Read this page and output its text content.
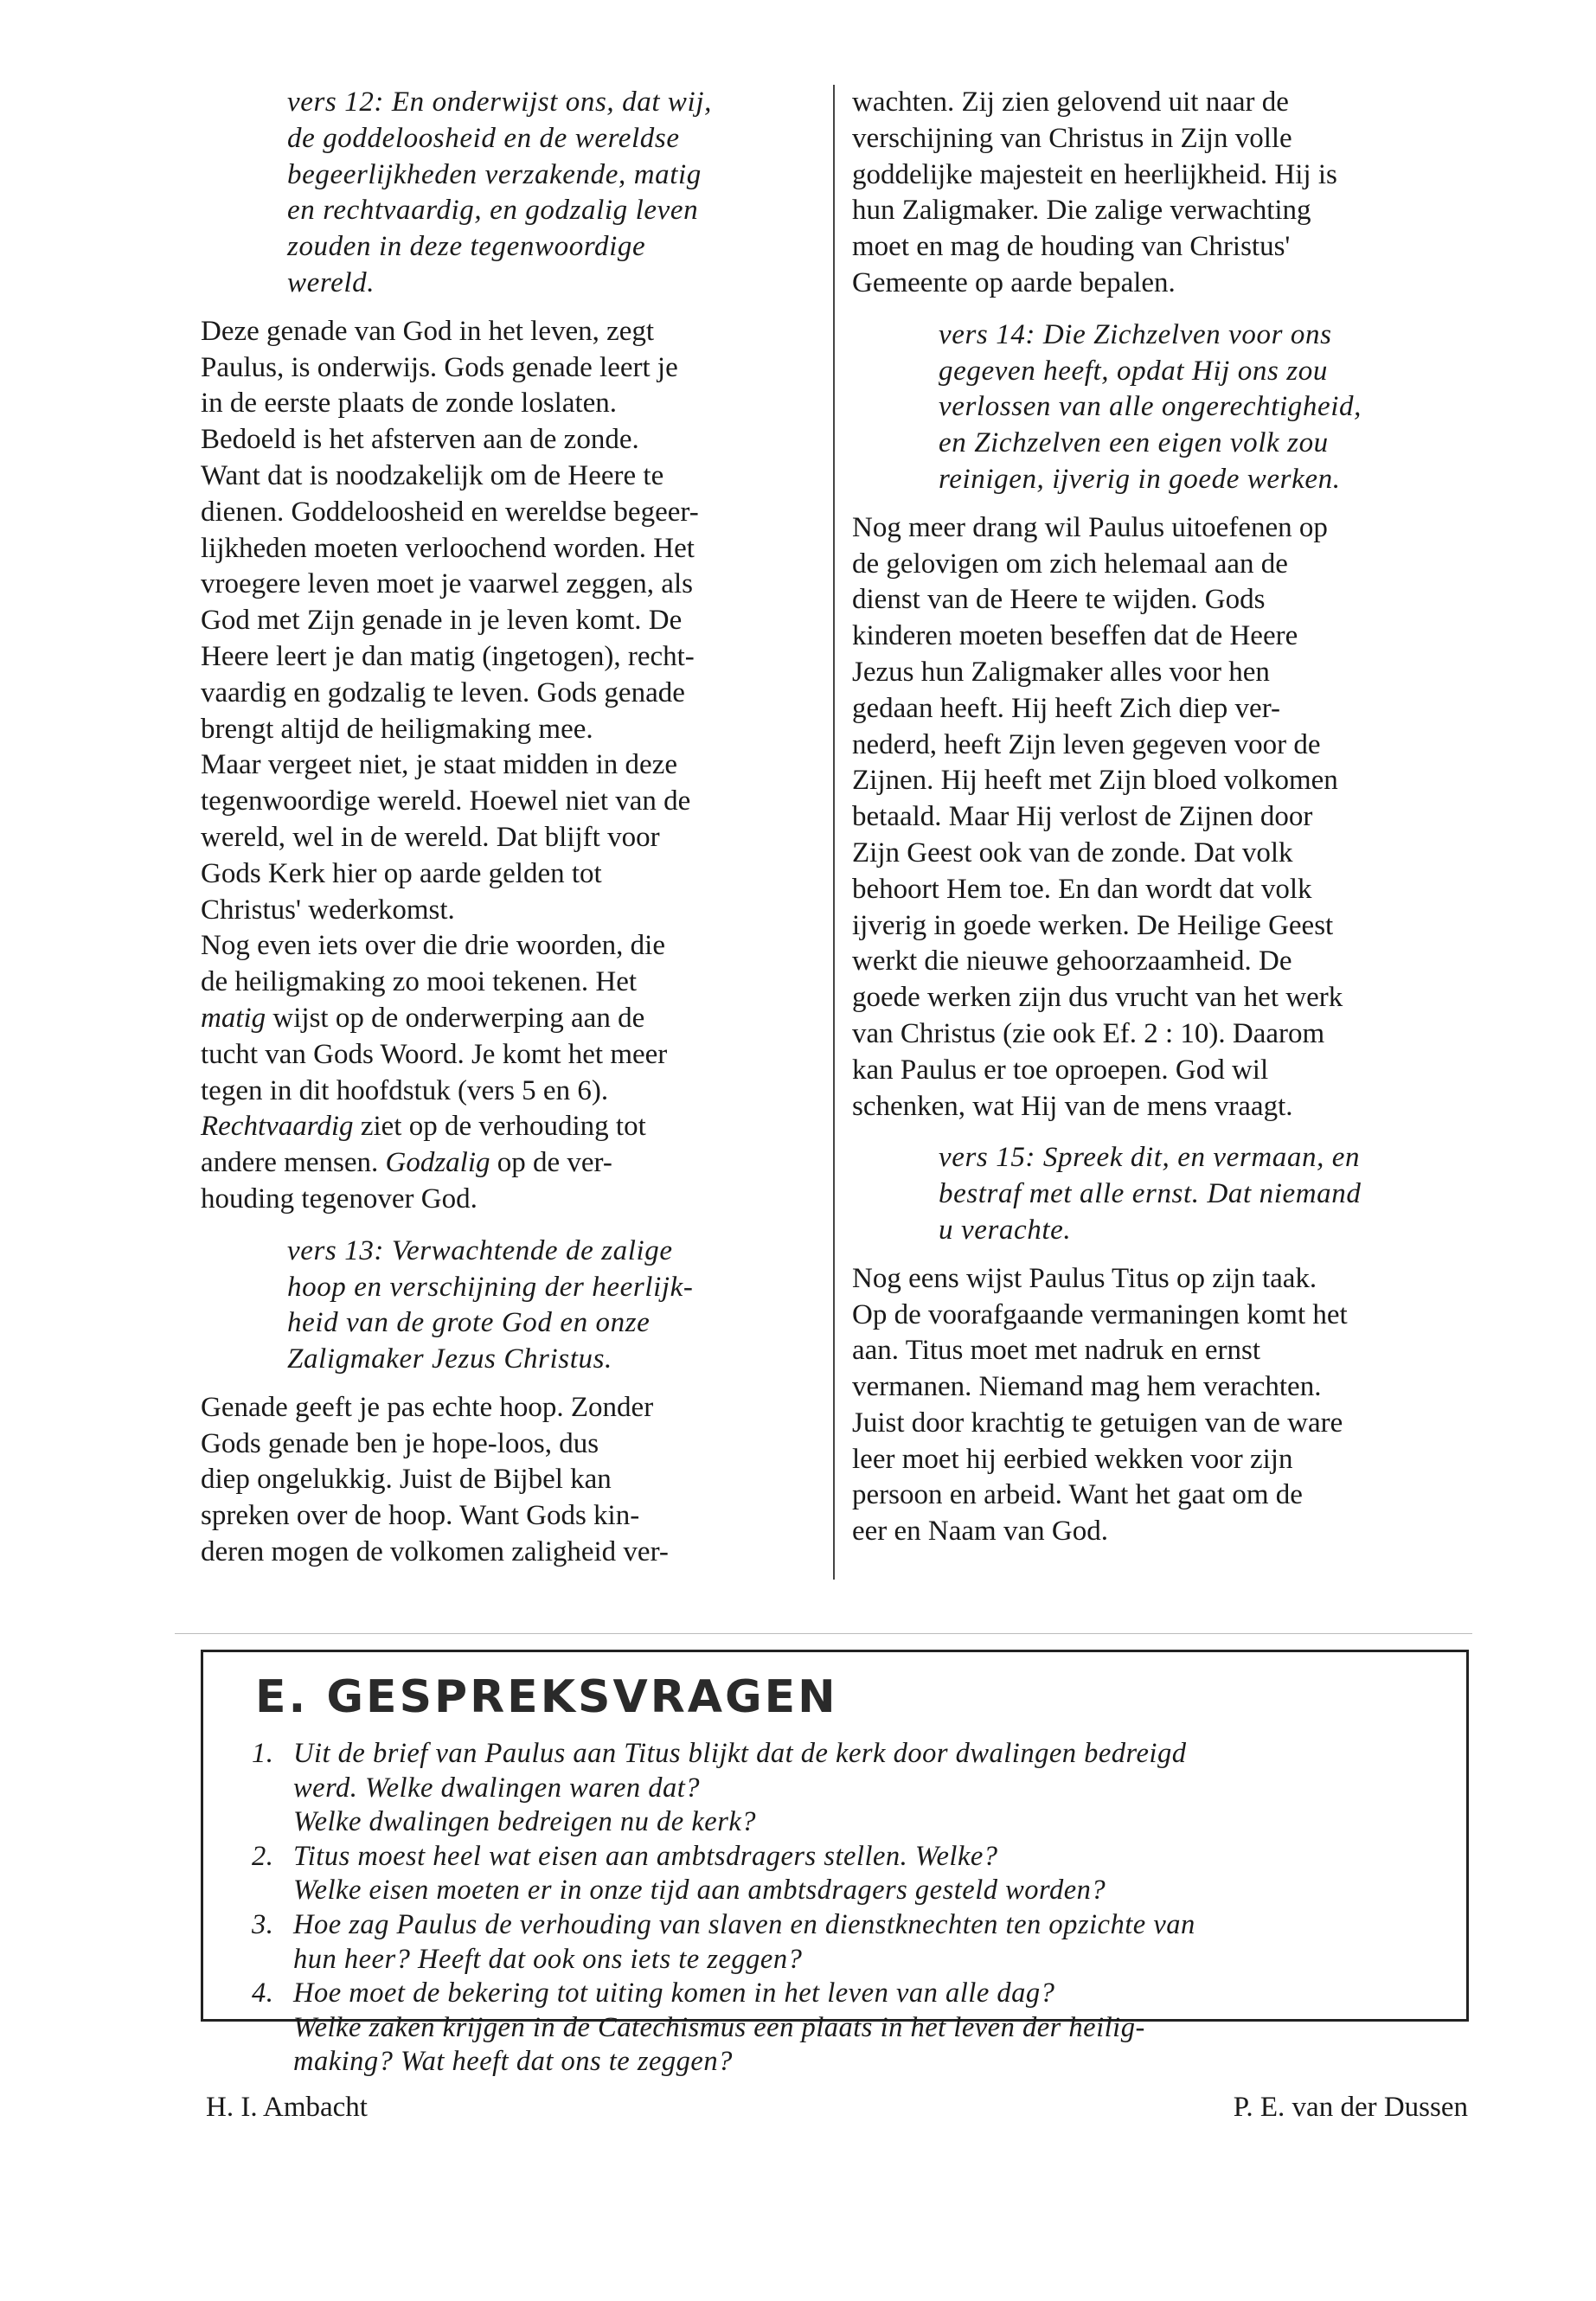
vers 12: En onderwijst ons, dat wij,
de goddeloosheid en de wereldse
begeerlijkheden verzakende, matig
en rechtvaardig, en godzalig leven
zouden in deze tegenwoordige
wereld.
Deze genade van God in het leven, zegt
Paulus, is onderwijs. Gods genade leert je
in de eerste plaats de zonde loslaten.
Bedoeld is het afsterven aan de zonde.
Want dat is noodzakelijk om de Heere te
dienen. Goddeloosheid en wereldse begeer-
lijkheden moeten verloochend worden. Het
vroegere leven moet je vaarwel zeggen, als
God met Zijn genade in je leven komt. De
Heere leert je dan matig (ingetogen), recht-
vaardig en godzalig te leven. Gods genade
brengt altijd de heiligmaking mee.
Maar vergeet niet, je staat midden in deze
tegenwoordige wereld. Hoewel niet van de
wereld, wel in de wereld. Dat blijft voor
Gods Kerk hier op aarde gelden tot
Christus' wederkomst.
Nog even iets over die drie woorden, die
de heiligmaking zo mooi tekenen. Het
matig wijst op de onderwerping aan de
tucht van Gods Woord. Je komt het meer
tegen in dit hoofdstuk (vers 5 en 6).
Rechtvaardig ziet op de verhouding tot
andere mensen. Godzalig op de ver-
houding tegenover God.
vers 13: Verwachtende de zalige
hoop en verschijning der heerlijk-
heid van de grote God en onze
Zaligmaker Jezus Christus.
Genade geeft je pas echte hoop. Zonder
Gods genade ben je hope-loos, dus
diep ongelukkig. Juist de Bijbel kan
spreken over de hoop. Want Gods kin-
deren mogen de volkomen zaligheid ver-
wachten. Zij zien gelovend uit naar de
verschijning van Christus in Zijn volle
goddelijke majesteit en heerlijkheid. Hij is
hun Zaligmaker. Die zalige verwachting
moet en mag de houding van Christus'
Gemeente op aarde bepalen.
vers 14: Die Zichzelven voor ons
gegeven heeft, opdat Hij ons zou
verlossen van alle ongerechtigheid,
en Zichzelven een eigen volk zou
reinigen, ijverig in goede werken.
Nog meer drang wil Paulus uitoefenen op
de gelovigen om zich helemaal aan de
dienst van de Heere te wijden. Gods
kinderen moeten beseffen dat de Heere
Jezus hun Zaligmaker alles voor hen
gedaan heeft. Hij heeft Zich diep ver-
nederd, heeft Zijn leven gegeven voor de
Zijnen. Hij heeft met Zijn bloed volkomen
betaald. Maar Hij verlost de Zijnen door
Zijn Geest ook van de zonde. Dat volk
behoort Hem toe. En dan wordt dat volk
ijverig in goede werken. De Heilige Geest
werkt die nieuwe gehoorzaamheid. De
goede werken zijn dus vrucht van het werk
van Christus (zie ook Ef. 2 : 10). Daarom
kan Paulus er toe oproepen. God wil
schenken, wat Hij van de mens vraagt.
vers 15: Spreek dit, en vermaan, en
bestraf met alle ernst. Dat niemand
u verachte.
Nog eens wijst Paulus Titus op zijn taak.
Op de voorafgaande vermaningen komt het
aan. Titus moet met nadruk en ernst
vermanen. Niemand mag hem verachten.
Juist door krachtig te getuigen van de ware
leer moet hij eerbied wekken voor zijn
persoon en arbeid. Want het gaat om de
eer en Naam van God.
E. GESPREKSVRAGEN
1. Uit de brief van Paulus aan Titus blijkt dat de kerk door dwalingen bedreigd
werd. Welke dwalingen waren dat?
Welke dwalingen bedreigen nu de kerk?
2. Titus moest heel wat eisen aan ambtsdragers stellen. Welke?
Welke eisen moeten er in onze tijd aan ambtsdragers gesteld worden?
3. Hoe zag Paulus de verhouding van slaven en dienstknechten ten opzichte van
hun heer? Heeft dat ook ons iets te zeggen?
4. Hoe moet de bekering tot uiting komen in het leven van alle dag?
Welke zaken krijgen in de Catechismus een plaats in het leven der heilig-
making? Wat heeft dat ons te zeggen?
H. I. Ambacht	P. E. van der Dussen
